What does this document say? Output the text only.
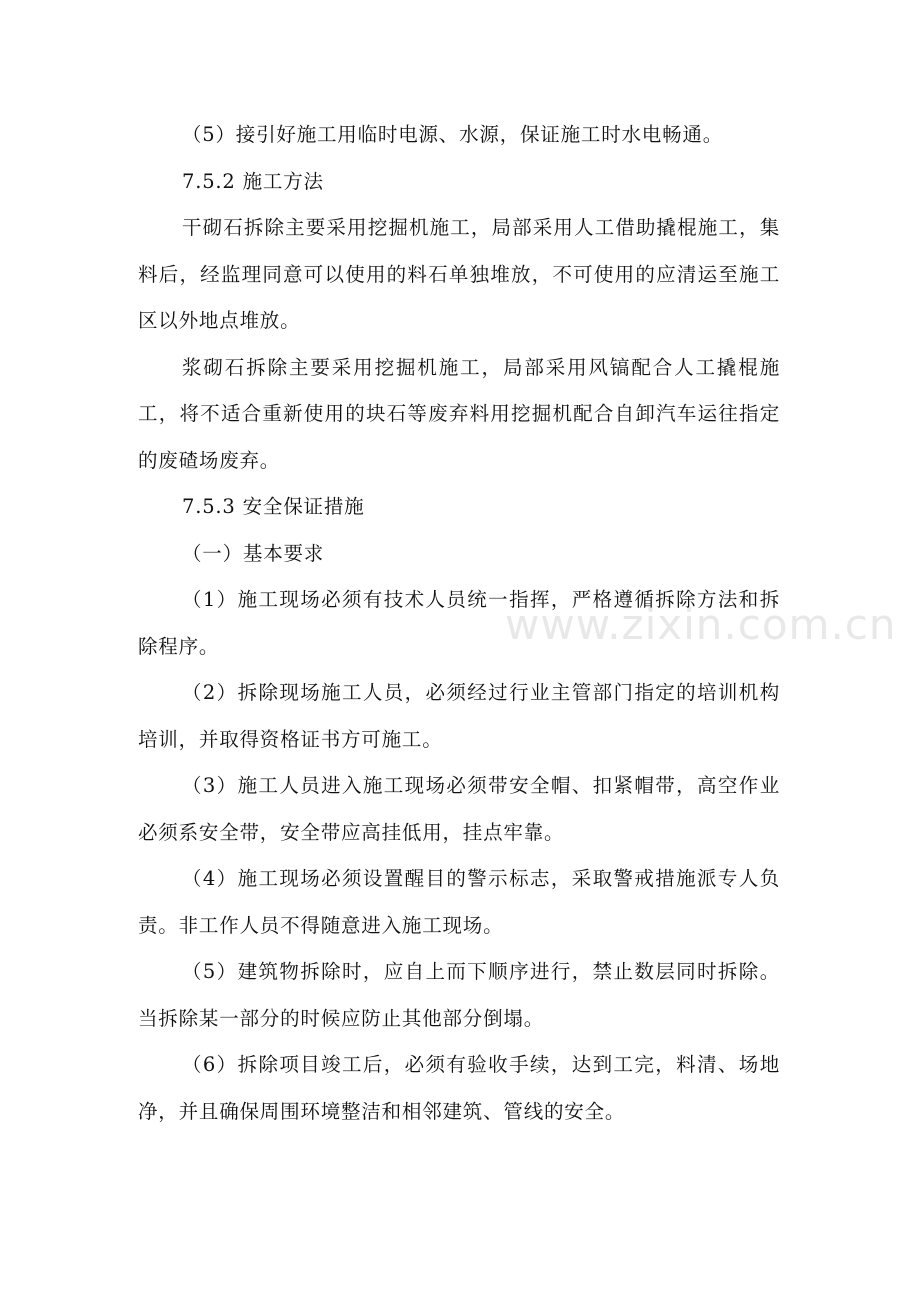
www.zixin.com.cn

（5）接引好施工用临时电源、水源，保证施工时水电畅通。

7.5.2 施工方法

干砌石拆除主要采用挖掘机施工，局部采用人工借助撬棍施工，集料后，经监理同意可以使用的料石单独堆放，不可使用的应清运至施工区以外地点堆放。

浆砌石拆除主要采用挖掘机施工，局部采用风镐配合人工撬棍施工，将不适合重新使用的块石等废弃料用挖掘机配合自卸汽车运往指定的废碴场废弃。

7.5.3 安全保证措施

（一）基本要求

（1）施工现场必须有技术人员统一指挥，严格遵循拆除方法和拆除程序。

（2）拆除现场施工人员，必须经过行业主管部门指定的培训机构培训，并取得资格证书方可施工。

（3）施工人员进入施工现场必须带安全帽、扣紧帽带，高空作业必须系安全带，安全带应高挂低用，挂点牢靠。

（4）施工现场必须设置醒目的警示标志，采取警戒措施派专人负责。非工作人员不得随意进入施工现场。

（5）建筑物拆除时，应自上而下顺序进行，禁止数层同时拆除。当拆除某一部分的时候应防止其他部分倒塌。

（6）拆除项目竣工后，必须有验收手续，达到工完，料清、场地净，并且确保周围环境整洁和相邻建筑、管线的安全。
